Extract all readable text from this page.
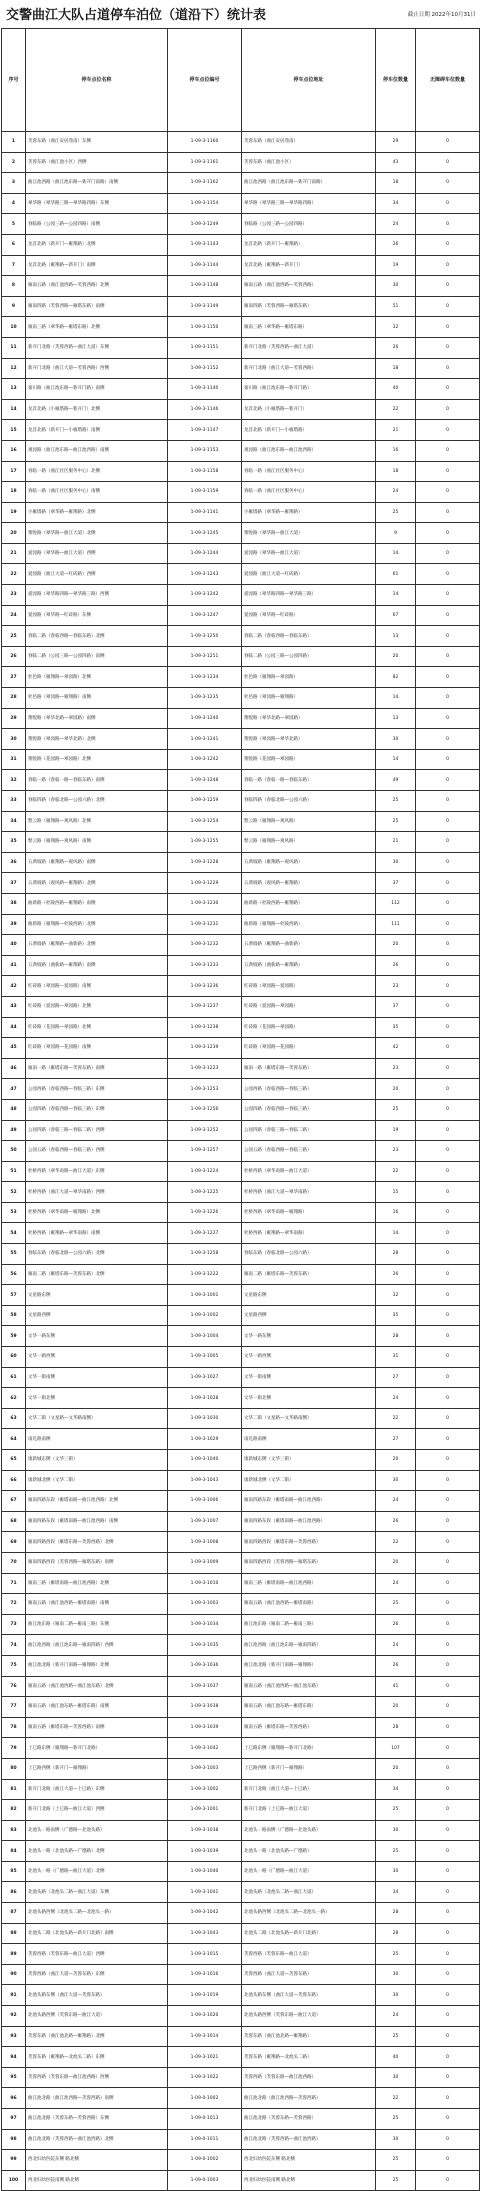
交警曲江大队占道停车泊位（道沿下）统计表	截止日期 2022年10月31日
序号	停车点位名称	停车点位编号	停车点位地址	停车位数量	无障碍车位数量
1	芙蓉东路（曲江安居苑南）东侧	1-09-3-1160	芙蓉东路（曲江安居苑南）	29	0
2	芙蓉东路（曲江池小区）西侧	1-09-3-1161	芙蓉东路（曲江池小区）	43	0
3	曲江池西路（曲江池东路—新开门南路）南侧	1-09-3-1162	曲江池西路（曲江池东路—新开门南路）	18	0
4	翠华路（翠华路三路—翠华路四路）东侧	1-09-3-1154	翠华路（翠华路三路—翠华路四路）	34	0
5	春临路（公园三路—公园四路）南侧	1-09-3-1249	春临路（公园三路—公园四路）	24	0
6	龙首北路（新开门—雁翔路）北侧	1-09-3-1143	龙首北路（新开门—雁翔路）	26	0
7	龙首北路（雁翔路—新开门）南侧	1-09-3-1144	龙首北路（雁翔路—新开门）	19	0
8	雁南五路（曲江池西路—芙蓉西路）北侧	1-09-3-1148	雁南五路（曲江池西路—芙蓉西路）	30	0
9	雁南四路（芙蓉西路—雁塔东路）南侧	1-09-3-1149	雁南四路（芙蓉西路—雁塔东路）	51	0
10	雁南三路（翠华路—雁塔东路）北侧	1-09-3-1150	雁南三路（翠华路—雁塔东路）	32	0
11	新开门北路（芙蓉西路—曲江大道）东侧	1-09-3-1151	新开门北路（芙蓉西路—曲江大道）	26	0
12	新开门北路（曲江大道—芙蓉西路）西侧	1-09-3-1152	新开门北路（曲江大道—芙蓉西路）	18	0
13	秦川路（曲江池东路—新开门路）南侧	1-09-3-1140	秦川路（曲江池东路—新开门路）	40	0
14	龙首北路（小雁塔路—新开门）北侧	1-09-3-1146	龙首北路（小雁塔路—新开门）	22	0
15	龙首北路（新开门—小雁塔路）南侧	1-09-3-1147	龙首北路（新开门—小雁塔路）	21	0
16	观园路（曲江池东路—曲江池西路）南侧	1-09-3-1153	观园路（曲江池东路—曲江池西路）	16	0
17	春临一路（曲江社区服务中心）北侧	1-09-3-1158	春临一路（曲江社区服务中心）	18	0
18	春临一路（曲江社区服务中心）南侧	1-09-3-1159	春临一路（曲江社区服务中心）	24	0
19	小雁塔路（翠华路—雁翔路）北侧	1-09-3-1141	小雁塔路（翠华路—雁翔路）	25	0
20	翔悦路（翠华路—曲江大道）北侧	1-09-3-1245	翔悦路（翠华路—曲江大道）	9	0
21	爱园路（翠华路—曲江大道）西侧	1-09-3-1244	爱园路（翠华路—曲江大道）	14	0
22	爱园路（曲江大道—红砖路）西侧	1-09-3-1243	爱园路（曲江大道—红砖路）	61	0
23	爱园路（翠华路四路—翠华路三路）西侧	1-09-3-1242	爱园路（翠华路四路—翠华路三路）	14	0
24	爱园路（翠华路—红砖路）东侧	1-09-3-1247	爱园路（翠华路—红砖路）	67	0
25	春临二路（春临西路—春临东路）北侧	1-09-3-1250	春临二路（春临西路—春临东路）	13	0
26	春临二路（公园三路—公园四路）南侧	1-09-3-1251	春临二路（公园三路—公园四路）	20	0
27	杜邑路（雁翔路—翠园路）北侧	1-09-3-1234	杜邑路（雁翔路—翠园路）	82	0
28	杜邑路（翠园路—雁翔路）南侧	1-09-3-1235	杜邑路（翠园路—雁翔路）	14	0
29	翔悦路（翠华北路—翠园路）南侧	1-09-3-1240	翔悦路（翠华北路—翠园路）	13	0
30	翔悦路（翠园路—翠华北路）北侧	1-09-3-1241	翔悦路（翠园路—翠华北路）	30	0
31	翔悦路（花园路—翠园路）北侧	1-09-3-1242	翔悦路（花园路—翠园路）	14	0
32	春临一路（春临一路—春临东路）南侧	1-09-3-1248	春临一路（春临一路—春临东路）	49	0
33	春临四路（春临北路—公园六路）北侧	1-09-3-1259	春临四路（春临北路—公园六路）	25	0
34	繁云路（雁翔路—观风路）北侧	1-09-3-1254	繁云路（雁翔路—观风路）	25	0
35	繁云路（雁翔路—观风路）南侧	1-09-3-1255	繁云路（雁翔路—观风路）	21	0
36	五典坡路（雁翔路—观风路）南侧	1-09-3-1228	五典坡路（雁翔路—观风路）	30	0
37	五典坡路（观风路—雁翔路）北侧	1-09-3-1229	五典坡路（观风路—雁翔路）	37	0
38	曲新路（杜陵西路—雁翔路）南侧	1-09-3-1230	曲新路（杜陵西路—雁翔路）	112	0
39	曲新路（雁翔路—杜陵西路）北侧	1-09-3-1231	曲新路（雁翔路—杜陵西路）	111	0
40	五典坡路（雁翔路—曲新路）北侧	1-09-3-1232	五典坡路（雁翔路—曲新路）	20	0
41	五典坡路（曲新路—雁翔路）南侧	1-09-3-1233	五典坡路（曲新路—雁翔路）	26	0
42	红砖路（翠园路—爱园路）南侧	1-09-3-1236	红砖路（翠园路—爱园路）	23	0
43	红砖路（爱园路—翠园路）北侧	1-09-3-1237	红砖路（爱园路—翠园路）	37	0
44	红砖路（花园路—翠园路）北侧	1-09-3-1238	红砖路（花园路—翠园路）	35	0
45	红砖路（翠园路—花园路）南侧	1-09-3-1239	红砖路（翠园路—花园路）	42	0
46	雁南一路（雁塔东路—芙蓉东路）南侧	1-09-3-1223	雁南一路（雁塔东路—芙蓉东路）	23	0
47	公园西路（春临西路—春临三路）东侧	1-09-3-1253	公园西路（春临西路—春临三路）	20	0
48	公园四路（春临西路—春临三路）东侧	1-09-3-1256	公园四路（春临西路—春临三路）	25	0
49	公园四路（春临三路—春临二路）西侧	1-09-3-1252	公园四路（春临三路—春临二路）	19	0
50	公园五路（春临西路—春临三路）西侧	1-09-3-1257	公园五路（春临西路—春临三路）	23	0
51	杜桥西路（翠华南路—曲江大道）东侧	1-09-3-1224	杜桥西路（翠华南路—曲江大道）	22	0
52	杜桥西路（曲江大道—翠华南路）西侧	1-09-3-1225	杜桥西路（曲江大道—翠华南路）	15	0
53	杜桥西路（翠华南路—雁翔路）北侧	1-09-3-1226	杜桥西路（翠华南路—雁翔路）	16	0
54	杜桥西路（雁翔路—翠华南路）南侧	1-09-3-1227	杜桥西路（雁翔路—翠华南路）	14	0
55	春临东路（春临北路—公园六路）北侧	1-09-3-1258	春临东路（春临北路—公园六路）	28	0
56	雁南二路（雁塔东路—芙蓉东路）北侧	1-09-3-1222	雁南二路（雁塔东路—芙蓉东路）	26	0
57	文星路东侧	1-09-3-1001	文星路东侧	32	0
58	文星路西侧	1-09-3-1002	文星路西侧	35	0
59	文华一路东侧	1-09-3-1004	文华一路东侧	28	0
60	文华一路西侧	1-09-3-1005	文华一路西侧	31	0
61	文华一街南侧	1-09-3-1027	文华一街南侧	27	0
62	文华一街北侧	1-09-3-1028	文华一街北侧	24	0
63	文华二街（文星路—文华路南侧）	1-09-3-1030	文华二街（文星路—文华路南侧）	22	0
64	南礼路南侧	1-09-3-1029	南礼路南侧	27	0
65	康新城东侧（文华三街）	1-09-3-1040	康新城东侧（文华三街）	20	0
66	康新城北侧（文华二街）	1-09-3-1043	康新城北侧（文华二街）	30	0
67	雁南四路东段（雁塔南路—曲江池西路）北侧	1-09-3-1006	雁南四路东段（雁塔南路—曲江池西路）	24	0
68	雁南四路东段（雁塔南路—曲江池西路）南侧	1-09-3-1007	雁南四路东段（雁塔南路—曲江池西路）	26	0
69	雁南四路西段（雁塔东路—芙蓉西路）北侧	1-09-3-1008	雁南四路西段（雁塔东路—芙蓉西路）	22	0
70	雁南四路西段（芙蓉西路—雁塔东路）南侧	1-09-3-1009	雁南四路西段（芙蓉西路—雁塔东路）	20	0
71	雁南三路（雁塔南路—曲江池西路）北侧	1-09-3-1010	雁南三路（雁塔南路—曲江池西路）	24	0
72	雁南五路（曲江池西路—雁塔南路）南侧	1-09-3-1003	雁南五路（曲江池西路—雁塔南路）	25	0
73	曲江池东路（雁南二路—雁南三路）东侧	1-09-3-1034	曲江池东路（雁南二路—雁南三路）	26	0
74	曲江池西路（曲江池东路—雁南四路）西侧	1-09-3-1035	曲江池西路（曲江池东路—雁南四路）	24	0
75	曲江池北路（新开门南路—雁翔路）北侧	1-09-3-1036	曲江池北路（新开门南路—雁翔路）	26	0
76	雁南五路（曲江池西路—曲江池东路）北侧	1-09-3-1037	雁南五路（曲江池西路—曲江池东路）	41	0
77	雁南五路（曲江池东路—雁塔东路）南侧	1-09-3-1038	雁南五路（曲江池东路—雁塔东路）	20	0
78	雁南五路（雁塔东路—芙蓉西路）南侧	1-09-3-1039	雁南五路（雁塔东路—芙蓉西路）	28	0
79	上巳路东侧（雁翔路—新开门北路）	1-09-3-1042	上巳路东侧（雁翔路—新开门北路）	107	0
80	上巳路西侧（新开门—雁翔路）	1-09-3-1003	上巳路西侧（新开门—雁翔路）	20	0
81	新开门北路（曲江大道—上巳路）东侧	1-09-3-1002	新开门北路（曲江大道—上巳路）	34	0
82	新开门北路（上巳路—曲江大道）西侧	1-09-3-1001	新开门北路（上巳路—曲江大道）	25	0
83	北池头一路南侧（广德路—北池头路）	1-09-3-1038	北池头一路南侧（广德路—北池头路）	30	0
84	北池头一路（北池头路—广德路）北侧	1-09-3-1039	北池头一路（北池头路—广德路）	25	0
85	北池头一路（广德路—曲江大道）北侧	1-09-3-1040	北池头一路（广德路—曲江大道）	30	0
86	北池头路（北池头二路—曲江大道）东侧	1-09-3-1041	北池头路（北池头二路—曲江大道）	34	0
87	北池头路西侧（北池头二路—北池头一路）	1-09-3-1042	北池头路西侧（北池头二路—北池头一路）	28	0
88	北池头二路（北池头路—新开门北路）南侧	1-09-3-1043	北池头二路（北池头路—新开门北路）	28	0
89	芙蓉西路（芙蓉东路—曲江大道）西侧	1-09-3-1015	芙蓉西路（芙蓉东路—曲江大道）	25	0
90	芙蓉西路（曲江大道—芙蓉东路）东侧	1-09-3-1016	芙蓉西路（曲江大道—芙蓉东路）	30	0
91	北池头路东侧（曲江大道—芙蓉东路）	1-09-3-1019	北池头路东侧（曲江大道—芙蓉东路）	30	0
92	北池头路西侧（芙蓉东路—曲江大道）	1-09-3-1020	北池头路西侧（芙蓉东路—曲江大道）	24	0
93	芙蓉东路（曲江池北路—雁翔路）北侧	1-09-3-1014	芙蓉东路（曲江池北路—雁翔路）	25	0
94	芙蓉东路（雁翔路—北池头二路）东侧	1-09-3-1021	芙蓉东路（雁翔路—北池头二路）	40	0
95	芙蓉西路（芙蓉东路—曲江池西路）西侧	1-09-3-1022	芙蓉西路（芙蓉东路—曲江池西路）	30	0
96	曲江池北路（曲江池西路—芙蓉西路）南侧	1-09-0-1002	曲江池北路（曲江池西路—芙蓉西路）	22	0
97	曲江池北路（芙蓉东路—芙蓉西路）东侧	1-09-0-1013	曲江池北路（芙蓉东路—芙蓉西路）	25	0
98	曲江池北路（芙蓉西路—曲江池西路）北侧	1-09-0-1011	曲江池北路（芙蓉西路—曲江池西路）	30	0
99	西北妇幼医院东侧 路北侧	1-09-0-1002	西北妇幼医院东侧 路北侧	25	0
100	西北妇幼医院南侧 路北侧	1-09-0-1003	西北妇幼医院南侧 路北侧	25	0
